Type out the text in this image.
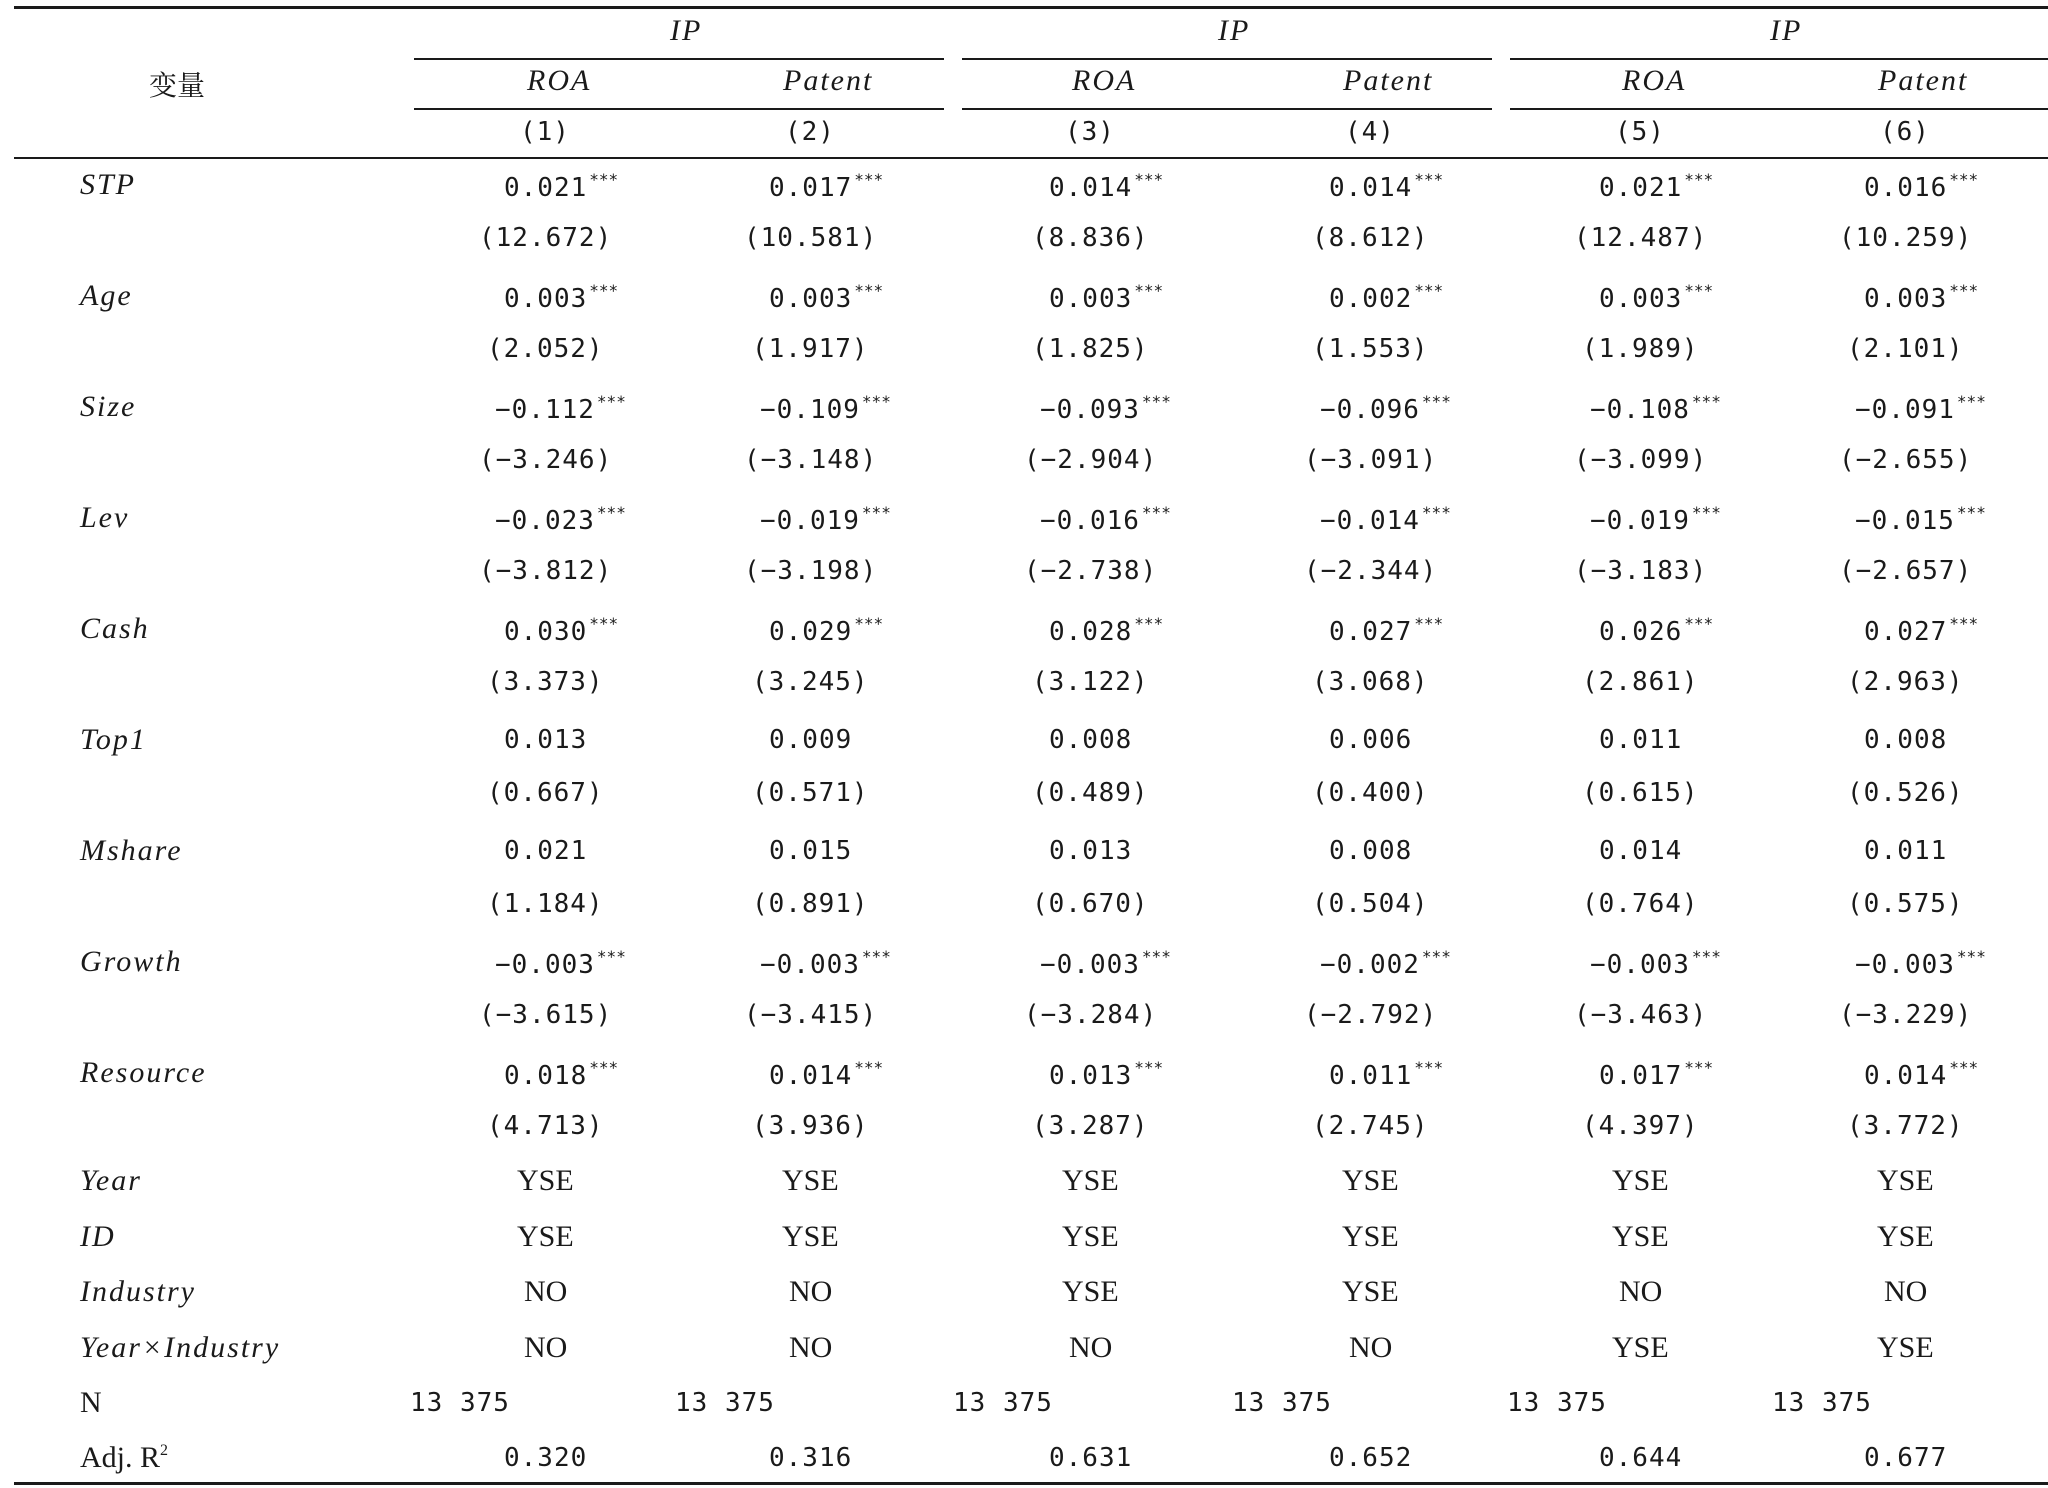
变量
IP	IP	IP
ROA	Patent	ROA	Patent	ROA	Patent
(1)	(2)	(3)	(4)	(5)	(6)
STP	0.021 ***	0.017 ***	0.014 ***	0.014 ***	0.021 ***	0.016 ***
(12.672)	(10.581)	(8.836)	(8.612)	(12.487)	(10.259)
Age	0.003 ***	0.003 ***	0.003 ***	0.002 ***	0.003 ***	0.003 ***
(2.052)	(1.917)	(1.825)	(1.553)	(1.989)	(2.101)
Size	−0.112 ***	−0.109 ***	−0.093 ***	−0.096 ***	−0.108 ***	−0.091 ***
(−3.246)	(−3.148)	(−2.904)	(−3.091)	(−3.099)	(−2.655)
Lev	−0.023 ***	−0.019 ***	−0.016 ***	−0.014 ***	−0.019 ***	−0.015 ***
(−3.812)	(−3.198)	(−2.738)	(−2.344)	(−3.183)	(−2.657)
Cash	0.030 ***	0.029 ***	0.028 ***	0.027 ***	0.026 ***	0.027 ***
(3.373)	(3.245)	(3.122)	(3.068)	(2.861)	(2.963)
Top1	0.013	0.009	0.008	0.006	0.011	0.008
(0.667)	(0.571)	(0.489)	(0.400)	(0.615)	(0.526)
Mshare	0.021	0.015	0.013	0.008	0.014	0.011
(1.184)	(0.891)	(0.670)	(0.504)	(0.764)	(0.575)
Growth	−0.003 ***	−0.003 ***	−0.003 ***	−0.002 ***	−0.003 ***	−0.003 ***
(−3.615)	(−3.415)	(−3.284)	(−2.792)	(−3.463)	(−3.229)
Resource	0.018 ***	0.014 ***	0.013 ***	0.011 ***	0.017 ***	0.014 ***
(4.713)	(3.936)	(3.287)	(2.745)	(4.397)	(3.772)
Year	YSE	YSE	YSE	YSE	YSE	YSE
ID	YSE	YSE	YSE	YSE	YSE	YSE
Industry	NO	NO	YSE	YSE	NO	NO
Year×Industry	NO	NO	NO	NO	YSE	YSE
N	13 375	13 375	13 375	13 375	13 375	13 375
Adj. $R^2$	0.320	0.316	0.631	0.652	0.644	0.677
